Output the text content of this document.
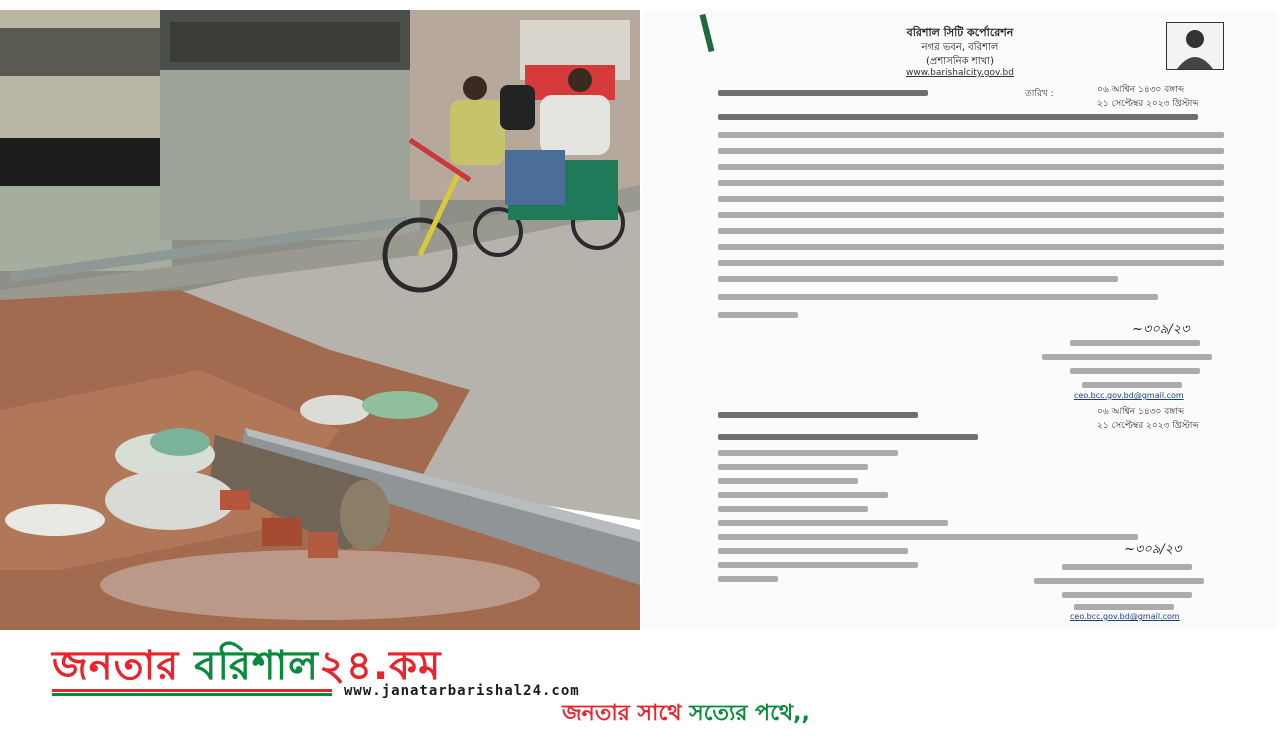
বরিশাল সিটি কর্পোরেশন
নগর ভবন, বরিশাল
(প্রশাসনিক শাখা)
www.barishalcity.gov.bd
তারিখ :	০৬ আশ্বিন ১৪৩০ বঙ্গাব্দ
২১ সেপ্টেম্বর ২০২৩ খ্রিস্টাব্দ
~৩০৯/২৩
ceo.bcc.gov.bd@gmail.com
০৬ আশ্বিন ১৪৩০ বঙ্গাব্দ
২১ সেপ্টেম্বর ২০২৩ খ্রিস্টাব্দ
~৩০৯/২৩
ceo.bcc.gov.bd@gmail.com
জনতার বরিশাল২৪.কম
www.janatarbarishal24.com
জনতার সাথে সত্যের পথে,,
